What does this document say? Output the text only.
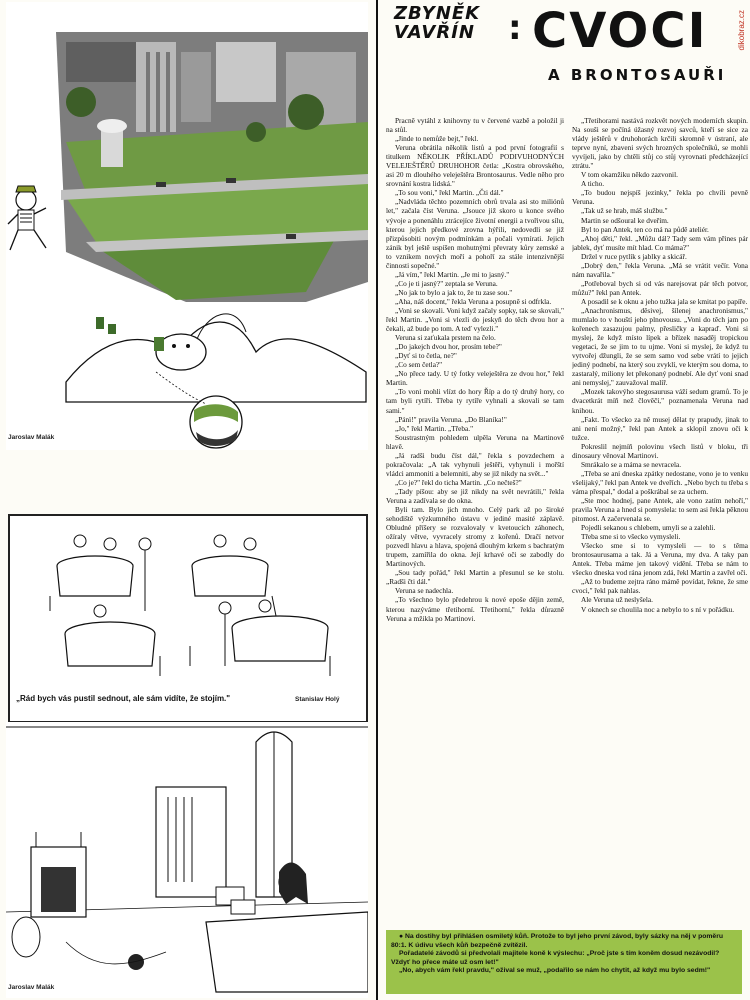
Jaroslav Malák
„Rád bych vás pustil sednout, ale sám vidíte, že stojím."	Stanislav Holý
Jaroslav Malák
ZBYNĚK
VAVŘÍN : CVOCI
A BRONTOSAUŘI
dikobraz.cz

Pracně vytáhl z knihovny tu v červené vazbě a položil ji na stůl.

„Jinde to nemůže bejt," řekl.

Veruna obrátila několik listů a pod první fotografií s titulkem NĚKOLIK PŘÍKLADŮ PODIVUHODNÝCH VELEJEŠTĚRŮ DRUHOHOR četla: „Kostra obrovského, asi 20 m dlouhého veleještěra Brontosaurus. Vedle něho pro srovnání kostra lidská."

„To sou voni," řekl Martin. „Čti dál."

„Nadvláda těchto pozemních obrů trvala asi sto miliónů let," začala číst Veruna. „Jsouce již skoro u konce svého vývoje a ponenáhlu ztrácejíce životní energii a tvořivou sílu, kterou jejich předkové zrovna hýřili, nedovedli se již přizpůsobiti novým podmínkám a počali vymírati. Jejich zánik byl ještě uspíšen mohutnými převraty kůry zemské a to vznikem nových moří a pohoří za stále intenzivnější činnosti sopečné."

„Já vím," řekl Martin. „Je mi to jasný."

„Co je ti jasný?" zeptala se Veruna.

„No jak to bylo a jak to, že tu zase sou."

„Aha, náš docent," řekla Veruna a posupně si odfrkla.

„Voni se skovali. Voni když začaly sopky, tak se skovali," řekl Martin. „Voni si vlezli do jeskyň do těch dvou hor a čekali, až bude po tom. A teď vylezli."

Veruna si zaťukala prstem na čelo.

„Do jakejch dvou hor, prosím tebe?"

„Dyť si to četla, ne?"

„Co sem četla?"

„No přece tady. U tý fotky veleještěra ze dvou hor," řekl Martin.

„To voni mohli vlízt do hory Říp a do tý druhý hory, co tam byli rytíři. Třeba ty rytíře vyhnali a skovali se tam sami."

„Pánì!" pravila Veruna. „Do Blaníka!"

„Jo," řekl Martin. „Třeba."

Soustrastným pohledem ulpěla Veruna na Martinově hlavě.

„Já radši budu číst dál," řekla s povzdechem a pokračovala: „A tak vyhynuli ještěři, vyhynuli i mořští vládci ammoniti a belemniti, aby se již nikdy na svět..."

„Co je?" řekl do ticha Martin. „Co nečteš?"

„Tady píšou: aby se již nikdy na svět nevrátili," řekla Veruna a zadívala se do okna.

Byli tam. Bylo jich mnoho. Celý park až po široké sehodiště výzkumného ústavu v jediné masité záplavě. Obludné příšery se rozvalovaly v kvetoucích záhonech, ožíraly větve, vyvracely stromy z kořenů. Dračí netvor pozvedl hlavu a hlava, spojená dlouhým krkem s bachratým trupem, zamířila do okna. Její krhavé oči se zabodly do Martinových.

„Sou tady pořád," řekl Martin a přesunul se ke stolu. „Radši čti dál."

Veruna se nadechla.

„To všechno bylo předehrou k nové epoše dějin země, kterou nazýváme třetihorní. Třetihorní," řekla důrazně Veruna a mžikla po Martinovi.

„Třetihorami nastává rozkvět nových moderních skupin. Na souši se počíná úžasný rozvoj savců, kteří se sice za vlády ještěrů v druhohorách krčili skromně v ústraní, ale teprve nyní, zbaveni svých hrozných společníků, se mohli vyvíjeli, jako by chtěli stůj co stůj vyrovnati předcházející ztrátu."

V tom okamžiku někdo zazvonil.

A ticho.

„To budou nejspíš jezinky," řekla po chvíli pevně Veruna.

„Tak už se hrab, máš službu."

Martin se odšoural ke dveřím.

Byl to pan Antek, ten co má na půdě ateliér.

„Ahoj děti," řekl. „Můžu dál? Tady sem vám přines pár jablek, dyť musíte mít hlad. Co máma?"

Držel v ruce pytlík s jablky a skicář.

„Dobrý den," řekla Veruna. „Má se vrátit večír. Vona nám navařila."

„Potřeboval bych si od vás narejsovat pár těch potvor, můžu?" řekl pan Antek.

A posadil se k oknu a jeho tužka jala se kmitat po papíře.

„Anachronismus, děsivej, šílenej anachronismus," mumlalo to v houští jeho plnovousu. „Voni do těch jam po kořenech zasazujou palmy, přesličky a kapraď. Voni si myslej, že když místo lípek a břízek nasaděj tropickou vegetaci, že se jim to tu ujme. Voni si myslej, že když tu vytvořej džungli, že se sem samo vod sebe vrátí to jejich jediný podnebí, na který sou zvyklí, ve kterým sou doma, to zastaralý, miliony let překonaný podnebí. Ale dyť voni snad ani nemyslej," zauvažoval malíř.

„Mozek takovýho stegosaurusa váží sedum gramů. To je dvacetkrát míň než člověčí," poznamenala Veruna nad knihou.

„Fakt. To všecko za ně musej dělat ty prapudy, jinak to ani není možný," řekl pan Antek a sklopil znovu oči k tužce.

Pokreslil nejmíň polovinu všech listů v bloku, tři dinosaury věnoval Martinovi.

Smrákalo se a máma se nevracela.

„Třeba se ani dneska zpátky nedostane, vono je to venku všelijaký," řekl pan Antek ve dveřích. „Nebo bych tu třeba s váma přespal," dodal a poškrábal se za uchem.

„Ste moc hodnej, pane Antek, ale vono zatím nehoří," pravila Veruna a hned si pomyslela: to sem asi řekla pěknou pitomost. A začervenala se.

Pojedli sekanou s chlebem, umyli se a zalehli.

Třeba sme si to všecko vymysleli.

Všecko sme si to vymysleli — to s těma brontosaurusama a tak. Já a Veruna, my dva. A taky pan Antek. Třeba máme jen takový vidění. Třeba se nám to všecko dneska vod rána jenom zdá, řekl Martin a zavřel oči.

„Až to budeme zejtra ráno mámě povídat, řekne, že sme cvoci," řekl pak nahlas.

Ale Veruna už neslyšela.

V oknech se choulila noc a nebylo to s ní v pořádku.

● Na dostihy byl přihlášen osmiletý kůň. Protože to byl jeho první závod, byly sázky na něj v poměru 80:1. K údivu všech kůň bezpečně zvítězil.

Pořadatelé závodů si předvolali majitele koně k výslechu: „Proč jste s tím koněm dosud nezávodil? Vždyť ho přece máte už osm let!"

„No, abych vám řekl pravdu," ožival se muž, „podařilo se nám ho chytit, až když mu bylo sedm!"
